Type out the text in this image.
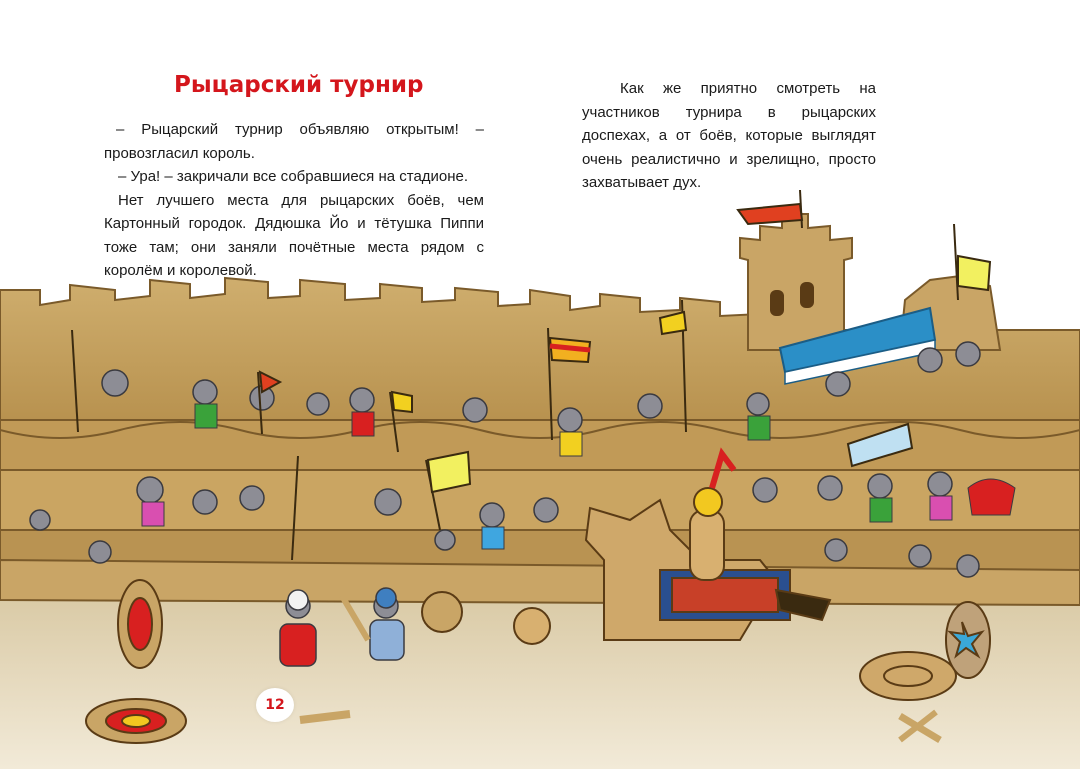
Рыцарский турнир

– Рыцарский турнир объявляю открытым! – провозгласил король.

– Ура! – закричали все собравшиеся на стадионе.

Нет лучшего места для рыцарских боёв, чем Картонный городок. Дядюшка Йо и тётушка Пиппи тоже там; они заняли почётные места рядом с королём и королевой.

Как же приятно смотреть на участников турнира в рыцарских доспехах, а от боёв, которые выглядят очень реалистично и зрелищно, просто захватывает дух.

12
